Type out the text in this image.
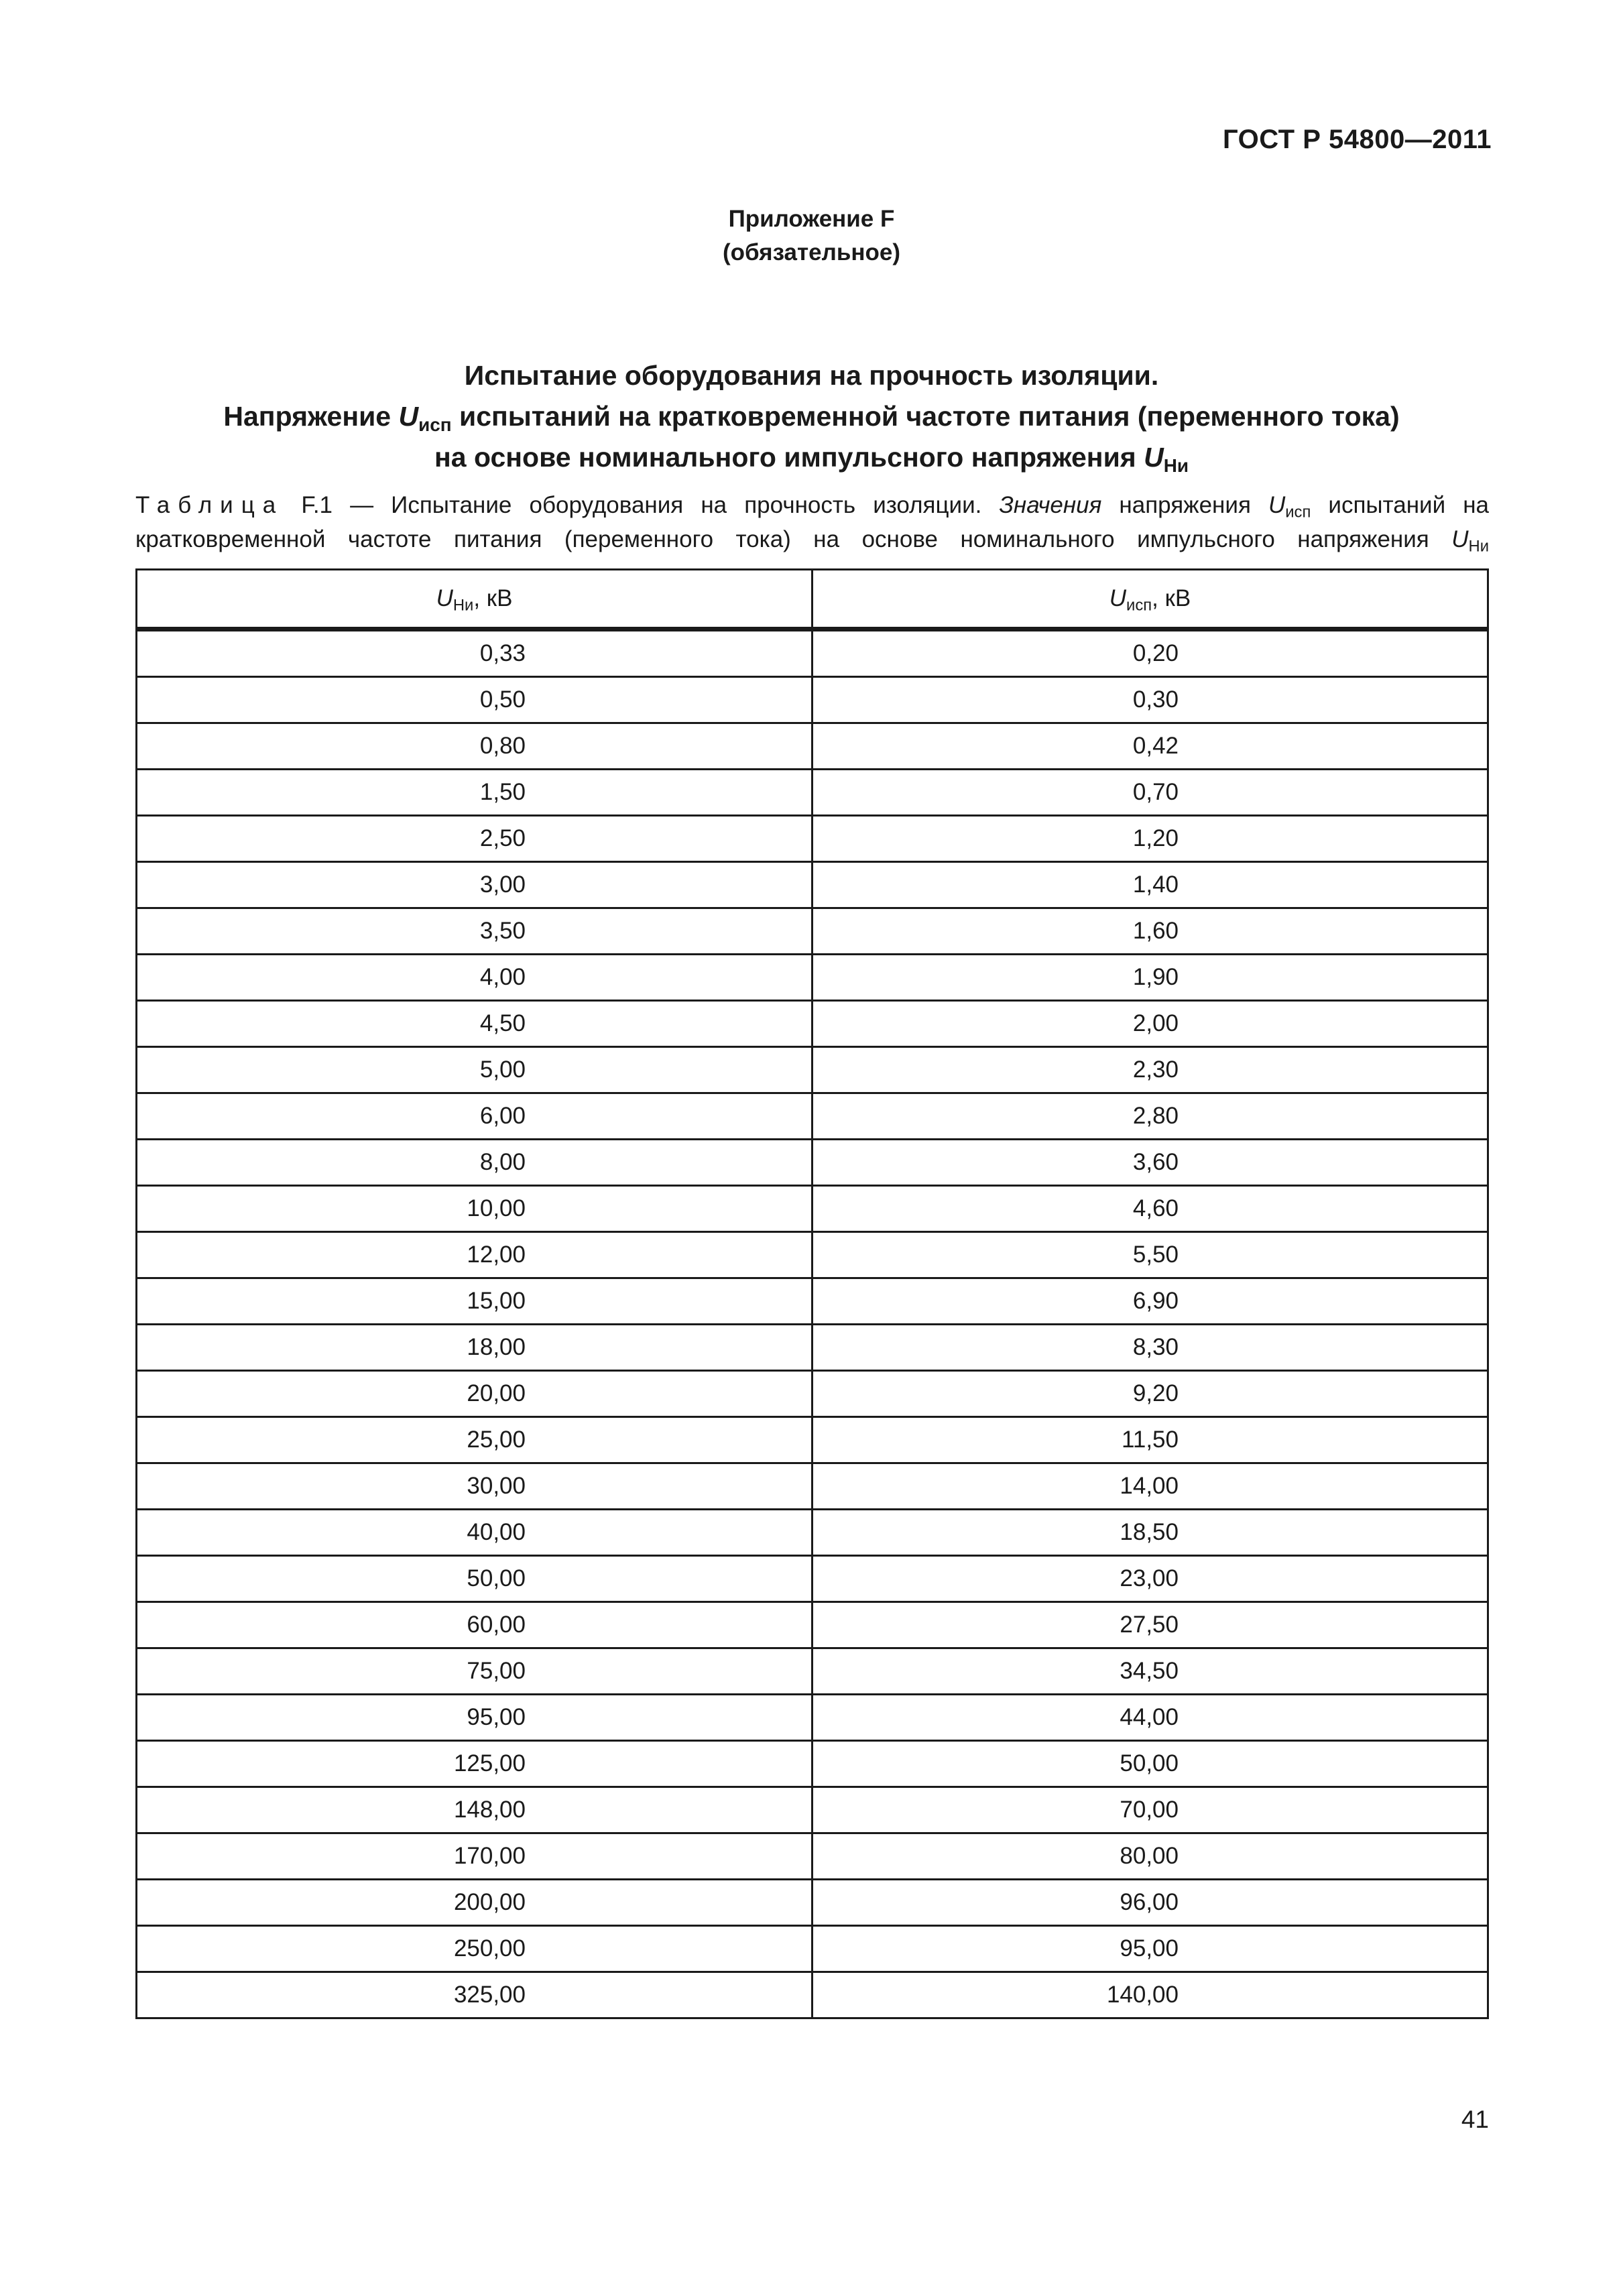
ГОСТ Р 54800—2011
Приложение F
(обязательное)
Испытание оборудования на прочность изоляции.
Напряжение $U_{исп}$ испытаний на кратковременной частоте питания (переменного тока)
на основе номинального импульсного напряжения $U_{Ни}$
Таблица F.1 — Испытание оборудования на прочность изоляции. Значения напряжения $U_{исп}$ испытаний на
кратковременной частоте питания (переменного тока) на основе номинального импульсного напряжения $U_{Ни}$
$U_{Ни}$, кВ	$U_{исп}$, кВ
0,33	0,20
0,50	0,30
0,80	0,42
1,50	0,70
2,50	1,20
3,00	1,40
3,50	1,60
4,00	1,90
4,50	2,00
5,00	2,30
6,00	2,80
8,00	3,60
10,00	4,60
12,00	5,50
15,00	6,90
18,00	8,30
20,00	9,20
25,00	11,50
30,00	14,00
40,00	18,50
50,00	23,00
60,00	27,50
75,00	34,50
95,00	44,00
125,00	50,00
148,00	70,00
170,00	80,00
200,00	96,00
250,00	95,00
325,00	140,00
41
